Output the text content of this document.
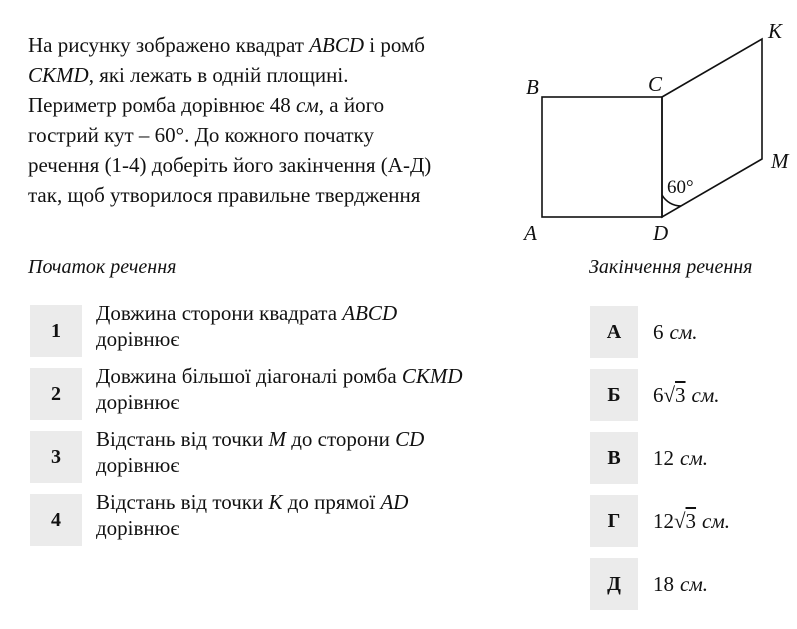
На рисунку зображено квадрат ABCD і ромб
CKMD, які лежать в одній площині.
Периметр ромба дорівнює 48 см, а його
гострий кут – 60°. До кожного початку
речення (1-4) доберіть його закінчення (А-Д)
так, щоб утворилося правильне твердження
B	C
K
M
A	D
60°
Початок речення	Закінчення речення
1
Довжина сторони квадрата ABCD
дорівнює
2
Довжина більшої діагоналі ромба CKMD
дорівнює
3
Відстань від точки M до сторони CD
дорівнює
4
Відстань від точки K до прямої AD
дорівнює
А	6 см.
Б	6√3 см.
В	12 см.
Г	12√3 см.
Д	18 см.
